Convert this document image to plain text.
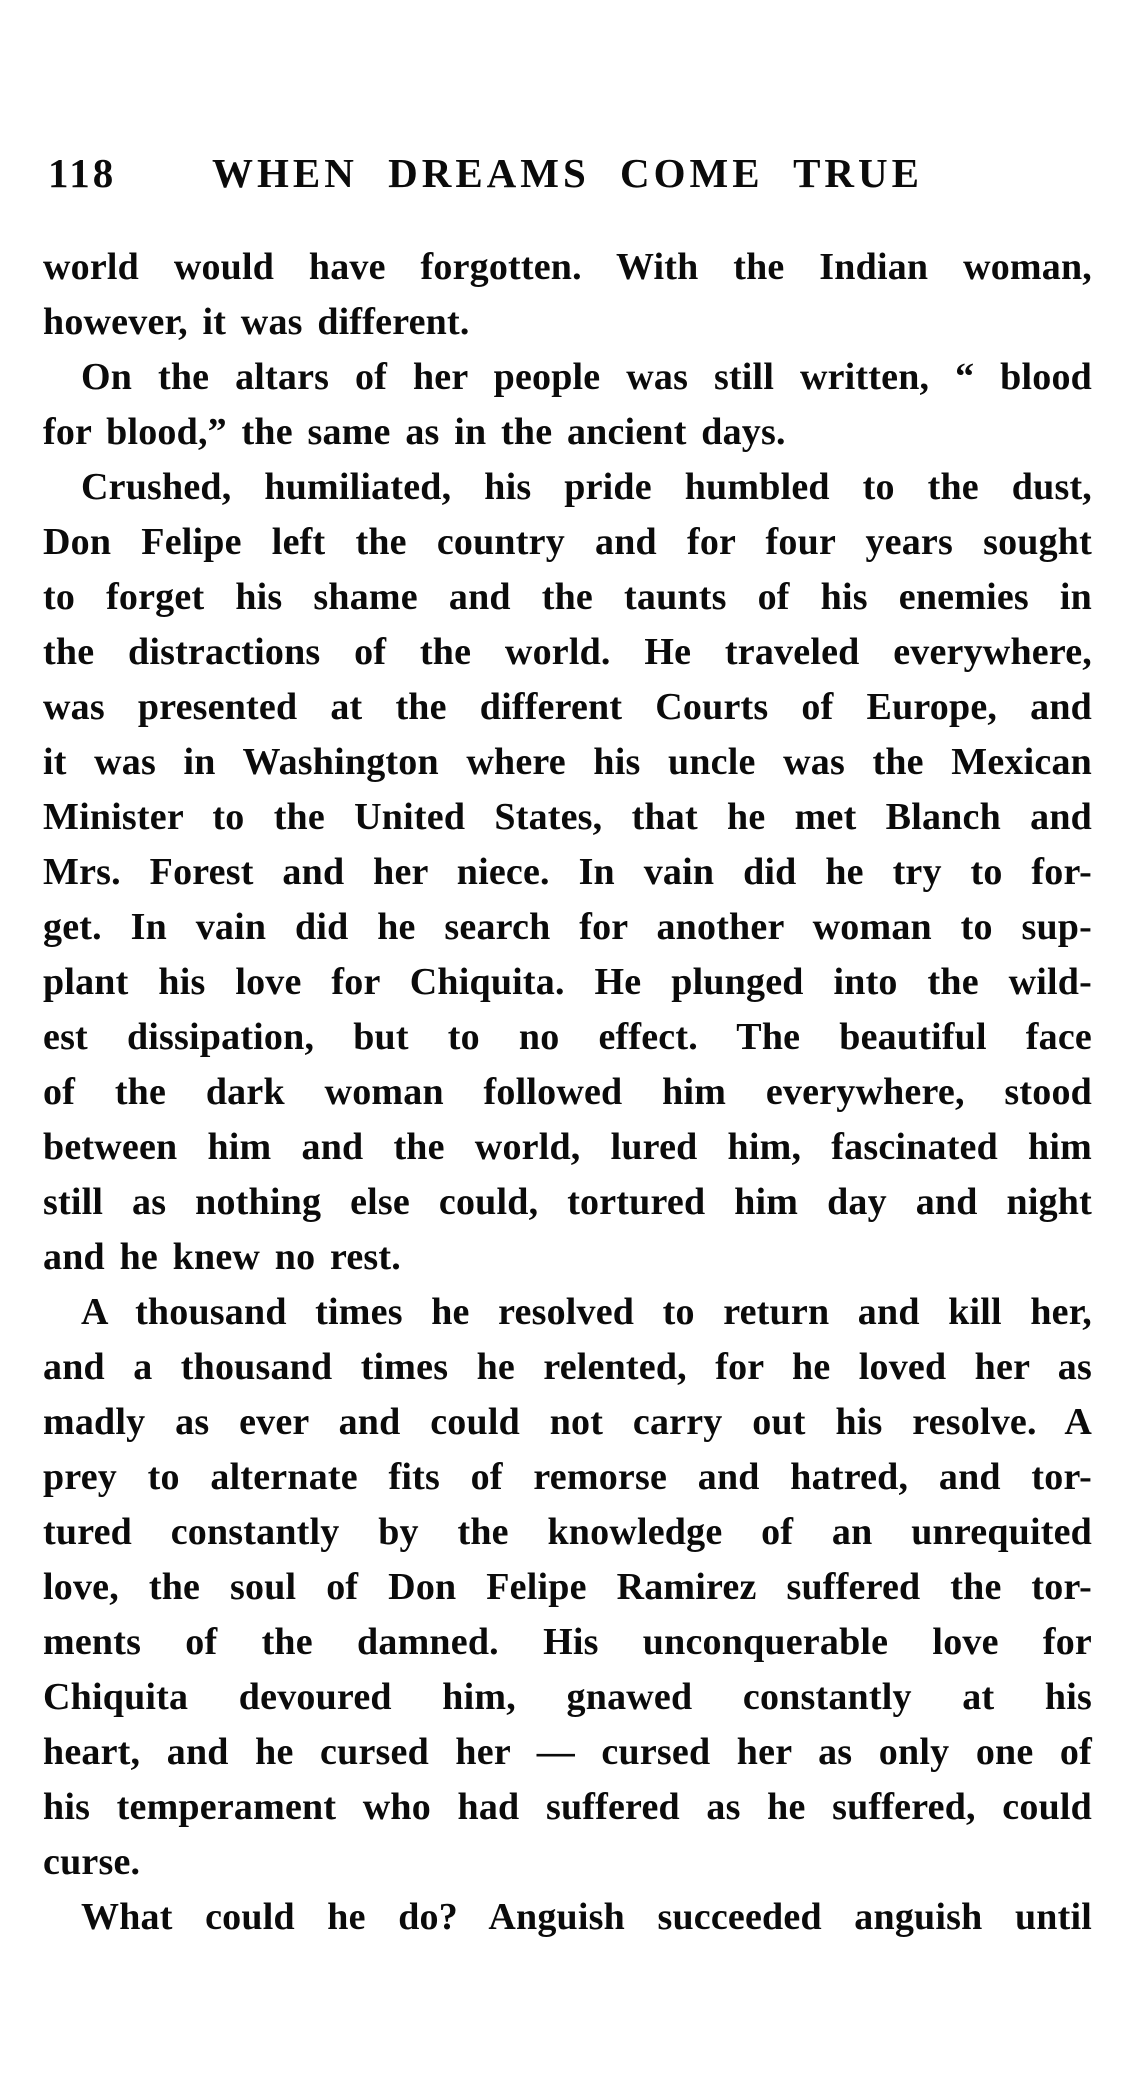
118	WHEN DREAMS COME TRUE
world would have forgotten. With the Indian woman,
however, it was different.
On the altars of her people was still written, “ blood
for blood,” the same as in the ancient days.
Crushed, humiliated, his pride humbled to the dust,
Don Felipe left the country and for four years sought
to forget his shame and the taunts of his enemies in
the distractions of the world. He traveled everywhere,
was presented at the different Courts of Europe, and
it was in Washington where his uncle was the Mexican
Minister to the United States, that he met Blanch and
Mrs. Forest and her niece. In vain did he try to for-
get. In vain did he search for another woman to sup-
plant his love for Chiquita. He plunged into the wild-
est dissipation, but to no effect. The beautiful face
of the dark woman followed him everywhere, stood
between him and the world, lured him, fascinated him
still as nothing else could, tortured him day and night
and he knew no rest.
A thousand times he resolved to return and kill her,
and a thousand times he relented, for he loved her as
madly as ever and could not carry out his resolve. A
prey to alternate fits of remorse and hatred, and tor-
tured constantly by the knowledge of an unrequited
love, the soul of Don Felipe Ramirez suffered the tor-
ments of the damned. His unconquerable love for
Chiquita devoured him, gnawed constantly at his
heart, and he cursed her — cursed her as only one of
his temperament who had suffered as he suffered, could
curse.
What could he do? Anguish succeeded anguish until
